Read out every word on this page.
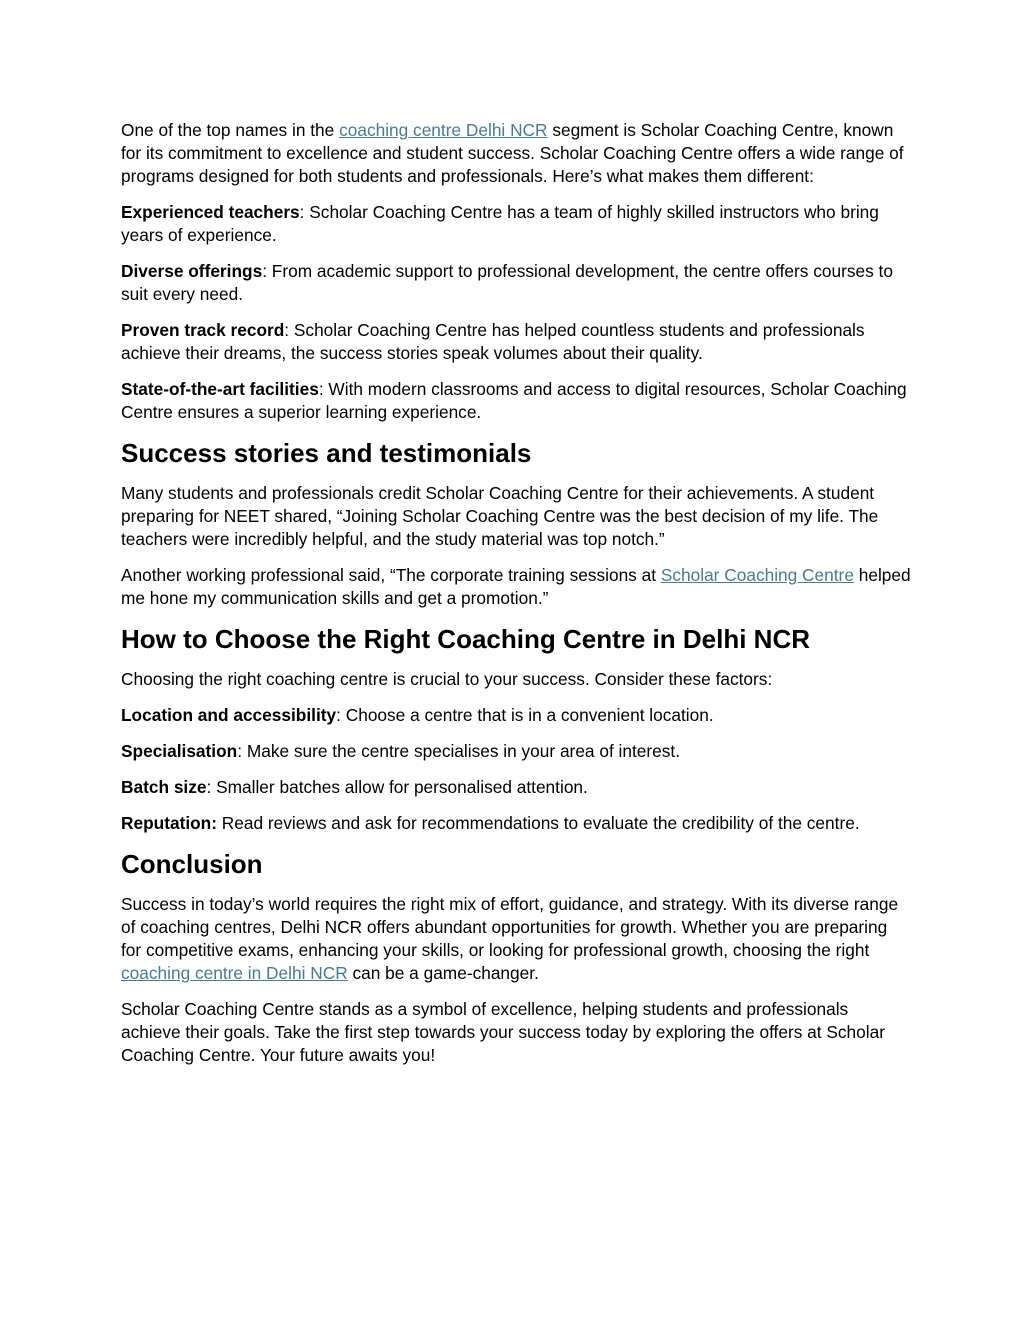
One of the top names in the coaching centre Delhi NCR segment is Scholar Coaching Centre, known for its commitment to excellence and student success. Scholar Coaching Centre offers a wide range of programs designed for both students and professionals. Here’s what makes them different:

Experienced teachers: Scholar Coaching Centre has a team of highly skilled instructors who bring years of experience.

Diverse offerings: From academic support to professional development, the centre offers courses to suit every need.

Proven track record: Scholar Coaching Centre has helped countless students and professionals achieve their dreams, the success stories speak volumes about their quality.

State-of-the-art facilities: With modern classrooms and access to digital resources, Scholar Coaching Centre ensures a superior learning experience.

Success stories and testimonials

Many students and professionals credit Scholar Coaching Centre for their achievements. A student preparing for NEET shared, “Joining Scholar Coaching Centre was the best decision of my life. The teachers were incredibly helpful, and the study material was top notch.”

Another working professional said, “The corporate training sessions at Scholar Coaching Centre helped me hone my communication skills and get a promotion.”

How to Choose the Right Coaching Centre in Delhi NCR

Choosing the right coaching centre is crucial to your success. Consider these factors:

Location and accessibility: Choose a centre that is in a convenient location.

Specialisation: Make sure the centre specialises in your area of interest.

Batch size: Smaller batches allow for personalised attention.

Reputation: Read reviews and ask for recommendations to evaluate the credibility of the centre.

Conclusion

Success in today’s world requires the right mix of effort, guidance, and strategy. With its diverse range of coaching centres, Delhi NCR offers abundant opportunities for growth. Whether you are preparing for competitive exams, enhancing your skills, or looking for professional growth, choosing the right coaching centre in Delhi NCR can be a game-changer.

Scholar Coaching Centre stands as a symbol of excellence, helping students and professionals achieve their goals. Take the first step towards your success today by exploring the offers at Scholar Coaching Centre. Your future awaits you!
